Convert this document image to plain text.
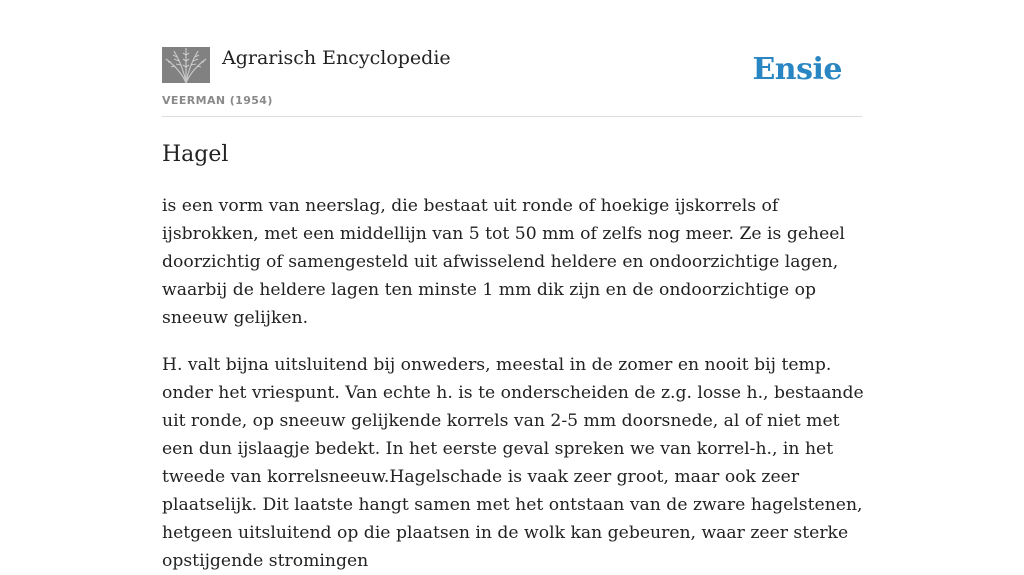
Agrarisch Encyclopedie
VEERMAN (1954)
Ensie
Hagel

is een vorm van neerslag, die bestaat uit ronde of hoekige ijskorrels of ijsbrokken, met een middellijn van 5 tot 50 mm of zelfs nog meer. Ze is geheel doorzichtig of samengesteld uit afwisselend heldere en ondoorzichtige lagen, waarbij de heldere lagen ten minste 1 mm dik zijn en de ondoorzichtige op sneeuw gelijken.

H. valt bijna uitsluitend bij onweders, meestal in de zomer en nooit bij temp. onder het vriespunt. Van echte h. is te onderscheiden de z.g. losse h., bestaande uit ronde, op sneeuw gelijkende korrels van 2-5 mm doorsnede, al of niet met een dun ijslaagje bedekt. In het eerste geval spreken we van korrel-h., in het tweede van korrelsneeuw.Hagelschade is vaak zeer groot, maar ook zeer plaatselijk. Dit laatste hangt samen met het ontstaan van de zware hagelstenen, hetgeen uitsluitend op die plaatsen in de wolk kan gebeuren, waar zeer sterke opstijgende stromingen
